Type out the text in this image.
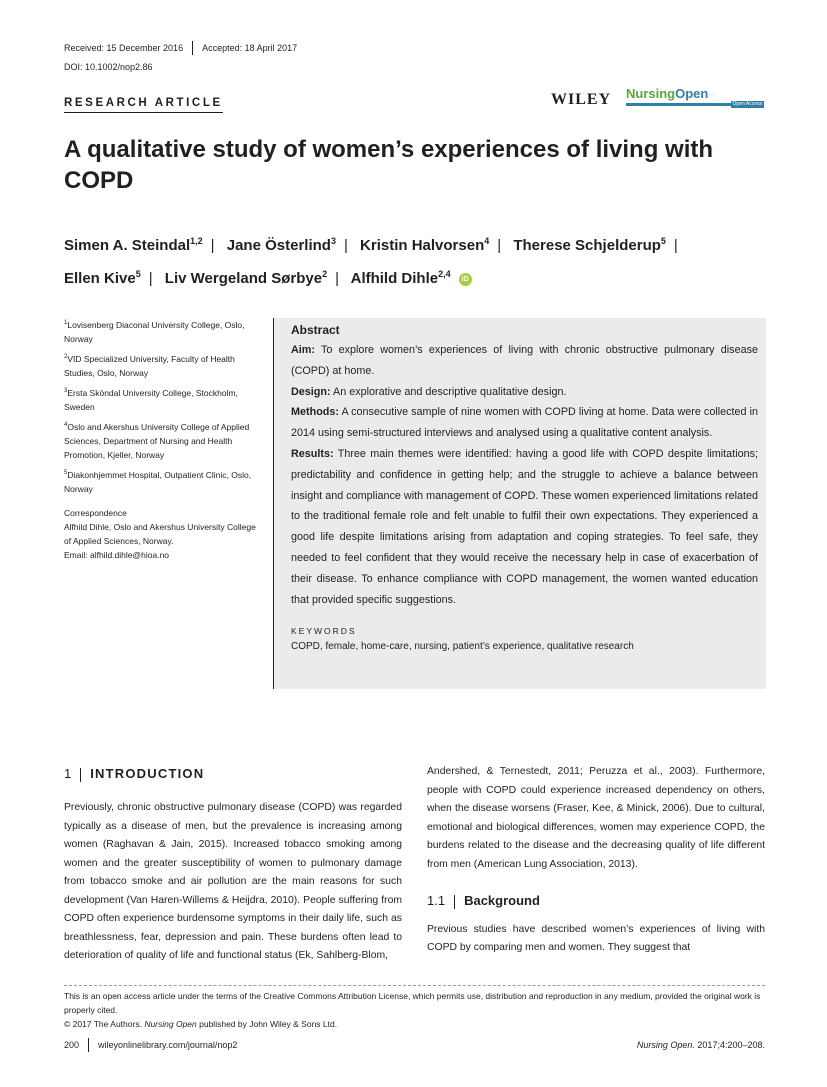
Received: 15 December 2016 Accepted: 18 April 2017
DOI: 10.1002/nop2.86
RESEARCH ARTICLE	WILEY NursingOpen
Open Access
A qualitative study of women’s experiences of living with COPD
Simen A. Steindal$^{1,2}$ | Jane Österlind$^3$ | Kristin Halvorsen$^4$ | Therese Schjelderup$^5$ |
Ellen Kive$^5$ | Liv Wergeland Sørbye$^2$ | Alfhild Dihle$^{2,4}$ iD
$^1$Lovisenberg Diaconal University College, Oslo, Norway
$^2$VID Specialized University, Faculty of Health Studies, Oslo, Norway
$^3$Ersta Sköndal University College, Stockholm, Sweden
$^4$Oslo and Akershus University College of Applied Sciences, Department of Nursing and Health Promotion, Kjeller, Norway
$^5$Diakonhjemmet Hospital, Outpatient Clinic, Oslo, Norway
Correspondence
Alfhild Dihle, Oslo and Akershus University College of Applied Sciences, Norway.
Email: alfhild.dihle@hioa.no
Abstract

Aim: To explore women’s experiences of living with chronic obstructive pulmonary disease (COPD) at home.

Design: An explorative and descriptive qualitative design.

Methods: A consecutive sample of nine women with COPD living at home. Data were collected in 2014 using semi-structured interviews and analysed using a qualitative content analysis.

Results: Three main themes were identified: having a good life with COPD despite limitations; predictability and confidence in getting help; and the struggle to achieve a balance between insight and compliance with management of COPD. These women experienced limitations related to the traditional female role and felt unable to fulfil their own expectations. They experienced a good life despite limitations arising from adaptation and coping strategies. To feel safe, they needed to feel confident that they would receive the necessary help in case of exacerbation of their disease. To enhance compliance with COPD management, the women wanted education that provided specific suggestions.

KEYWORDS
COPD, female, home-care, nursing, patient’s experience, qualitative research
1 INTRODUCTION
Previously, chronic obstructive pulmonary disease (COPD) was regarded typically as a disease of men, but the prevalence is increasing among women (Raghavan & Jain, 2015). Increased tobacco smoking among women and the greater susceptibility of women to pulmonary damage from tobacco smoke and air pollution are the main reasons for such development (Van Haren-Willems & Heijdra, 2010). People suffering from COPD often experience burdensome symptoms in their daily life, such as breathlessness, fear, depression and pain. These burdens often lead to deterioration of quality of life and functional status (Ek, Sahlberg-Blom,
Andershed, & Ternestedt, 2011; Peruzza et al., 2003). Furthermore, people with COPD could experience increased dependency on others, when the disease worsens (Fraser, Kee, & Minick, 2006). Due to cultural, emotional and biological differences, women may experience COPD, the burdens related to the disease and the decreasing quality of life different from men (American Lung Association, 2013).
1.1 Background
Previous studies have described women’s experiences of living with COPD by comparing men and women. They suggest that
This is an open access article under the terms of the Creative Commons Attribution License, which permits use, distribution and reproduction in any medium, provided the original work is properly cited.
© 2017 The Authors. Nursing Open published by John Wiley & Sons Ltd.
200 wileyonlinelibrary.com/journal/nop2	Nursing Open. 2017;4:200–208.
